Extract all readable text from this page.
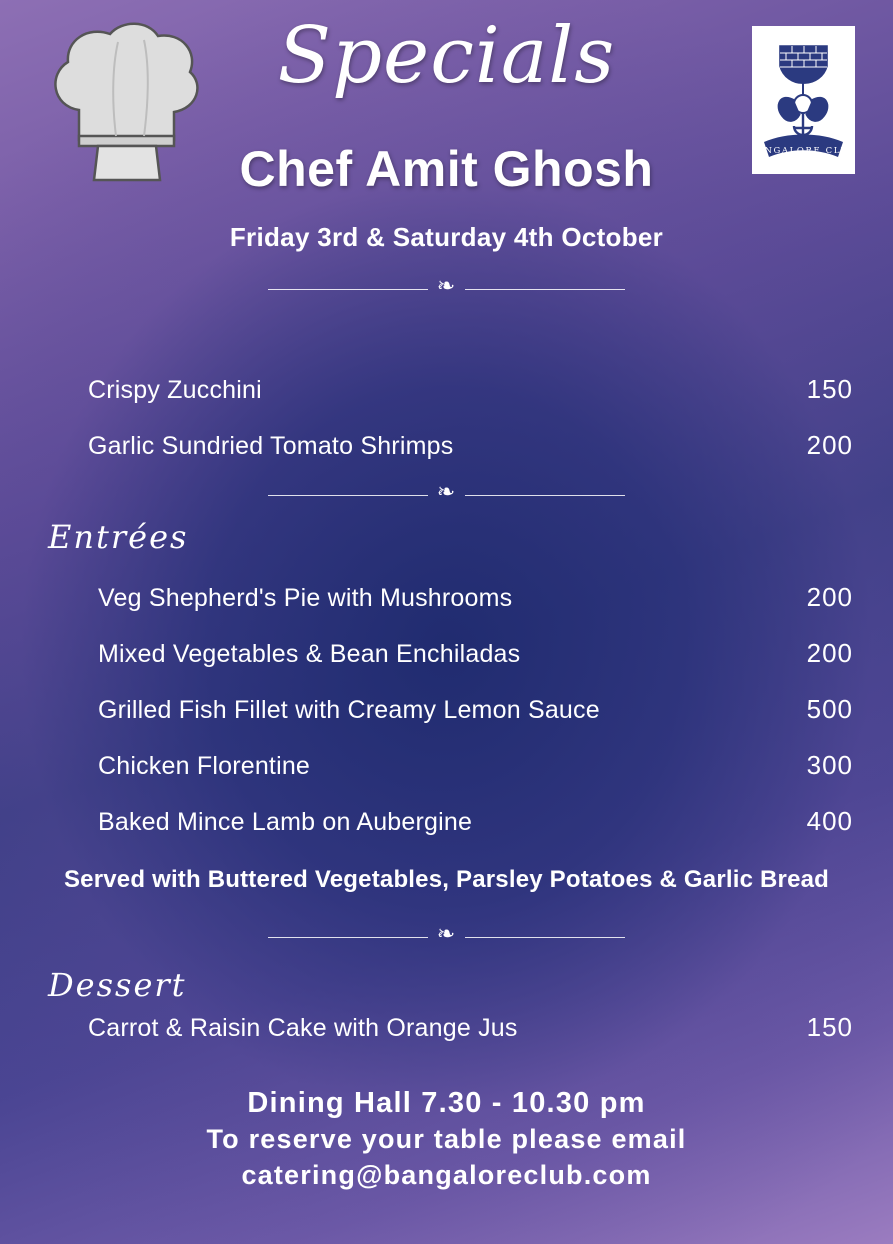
BANGALORE CLUB
Specials
Chef Amit Ghosh
Friday 3rd & Saturday 4th October
❧
Crispy Zucchini	150
Garlic Sundried Tomato Shrimps	200
❧
Entrées
Veg Shepherd's Pie with Mushrooms	200
Mixed Vegetables & Bean Enchiladas	200
Grilled Fish Fillet with Creamy Lemon Sauce	500
Chicken Florentine	300
Baked Mince Lamb on Aubergine	400
Served with Buttered Vegetables, Parsley Potatoes & Garlic Bread
❧
Dessert
Carrot & Raisin Cake with Orange Jus	150
Dining Hall 7.30 - 10.30 pm
To reserve your table please email
catering@bangaloreclub.com
